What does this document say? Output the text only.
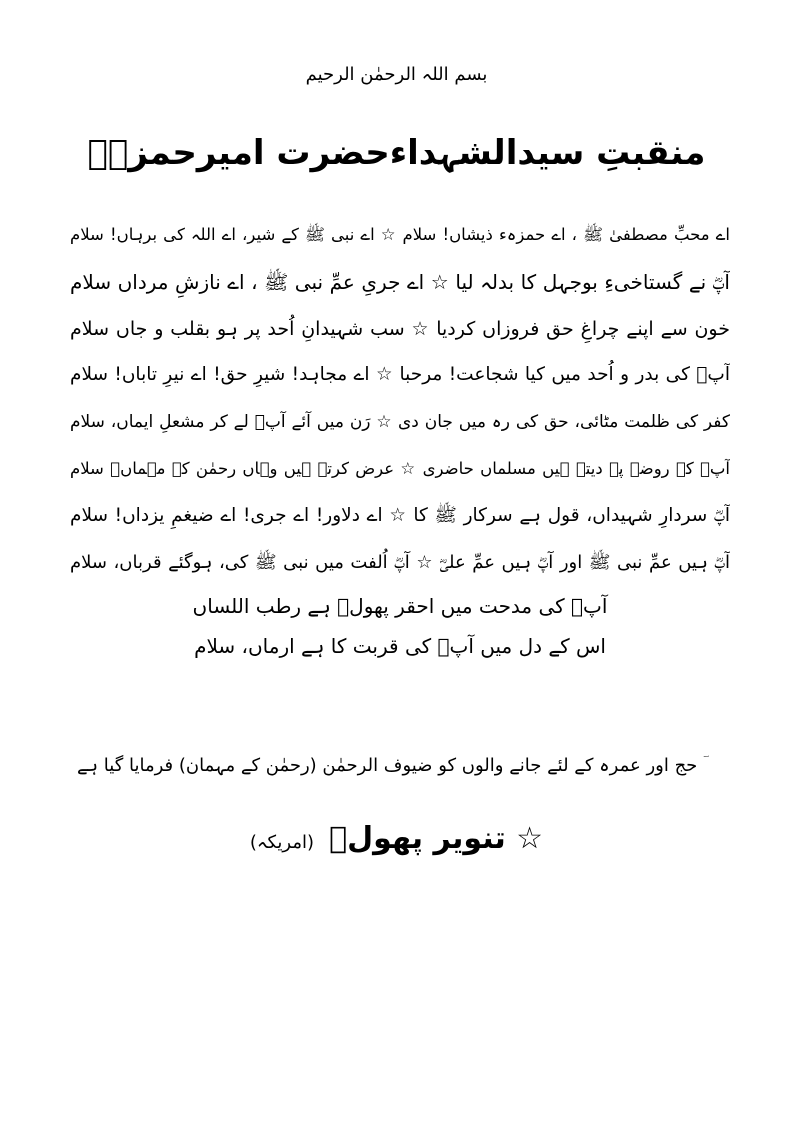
بسم اللہ الرحمٰن الرحیم
منقبتِ سیدالشہداءحضرت امیرحمزہؓ
اے محبِّ مصطفیٰ ﷺ ، اے حمزہء ذیشاں! سلام ☆ اے نبی ﷺ کے شیر، اے اللہ کی برہاں! سلام
آپؓ نے گستاخیءِ بوجہل کا بدلہ لیا ☆ اے جریِ عمِّ نبی ﷺ ، اے نازشِ مرداں سلام
خون سے اپنے چراغِ حق فروزاں کردیا ☆ سب شہیدانِ اُحد پر ہو بقلب و جاں سلام
آپؓ کی بدر و اُحد میں کیا شجاعت! مرحبا ☆ اے مجاہد! شیرِ حق! اے نیرِ تاباں! سلام
کفر کی ظلمت مٹائی، حق کی رہ میں جان دی ☆ رَن میں آئے آپؓ لے کر مشعلِ ایماں، سلام
آپؓ کے روضے پہ دیتے ہیں مسلماں حاضری ☆ عرض کرتے ہیں وہاں رحمٰن کے مہماںؔ سلام
آپؓ سردارِ شہیداں، قول ہے سرکار ﷺ کا ☆ اے دلاور! اے جری! اے ضیغمِ یزداں! سلام
آپؓ ہیں عمِّ نبی ﷺ اور آپؓ ہیں عمِّ علیؓ ☆ آپؓ اُلفت میں نبی ﷺ کی، ہوگئے قرباں، سلام
آپؓ کی مدحت میں احقر پھولؔ ہے رطب اللساں
اس کے دل میں آپؓ کی قربت کا ہے ارماں، سلام
ؔ حج اور عمرہ کے لئے جانے والوں کو ضیوف الرحمٰن (رحمٰن کے مہمان) فرمایا گیا ہے
☆ تنویر پھولؔ (امریکہ)
